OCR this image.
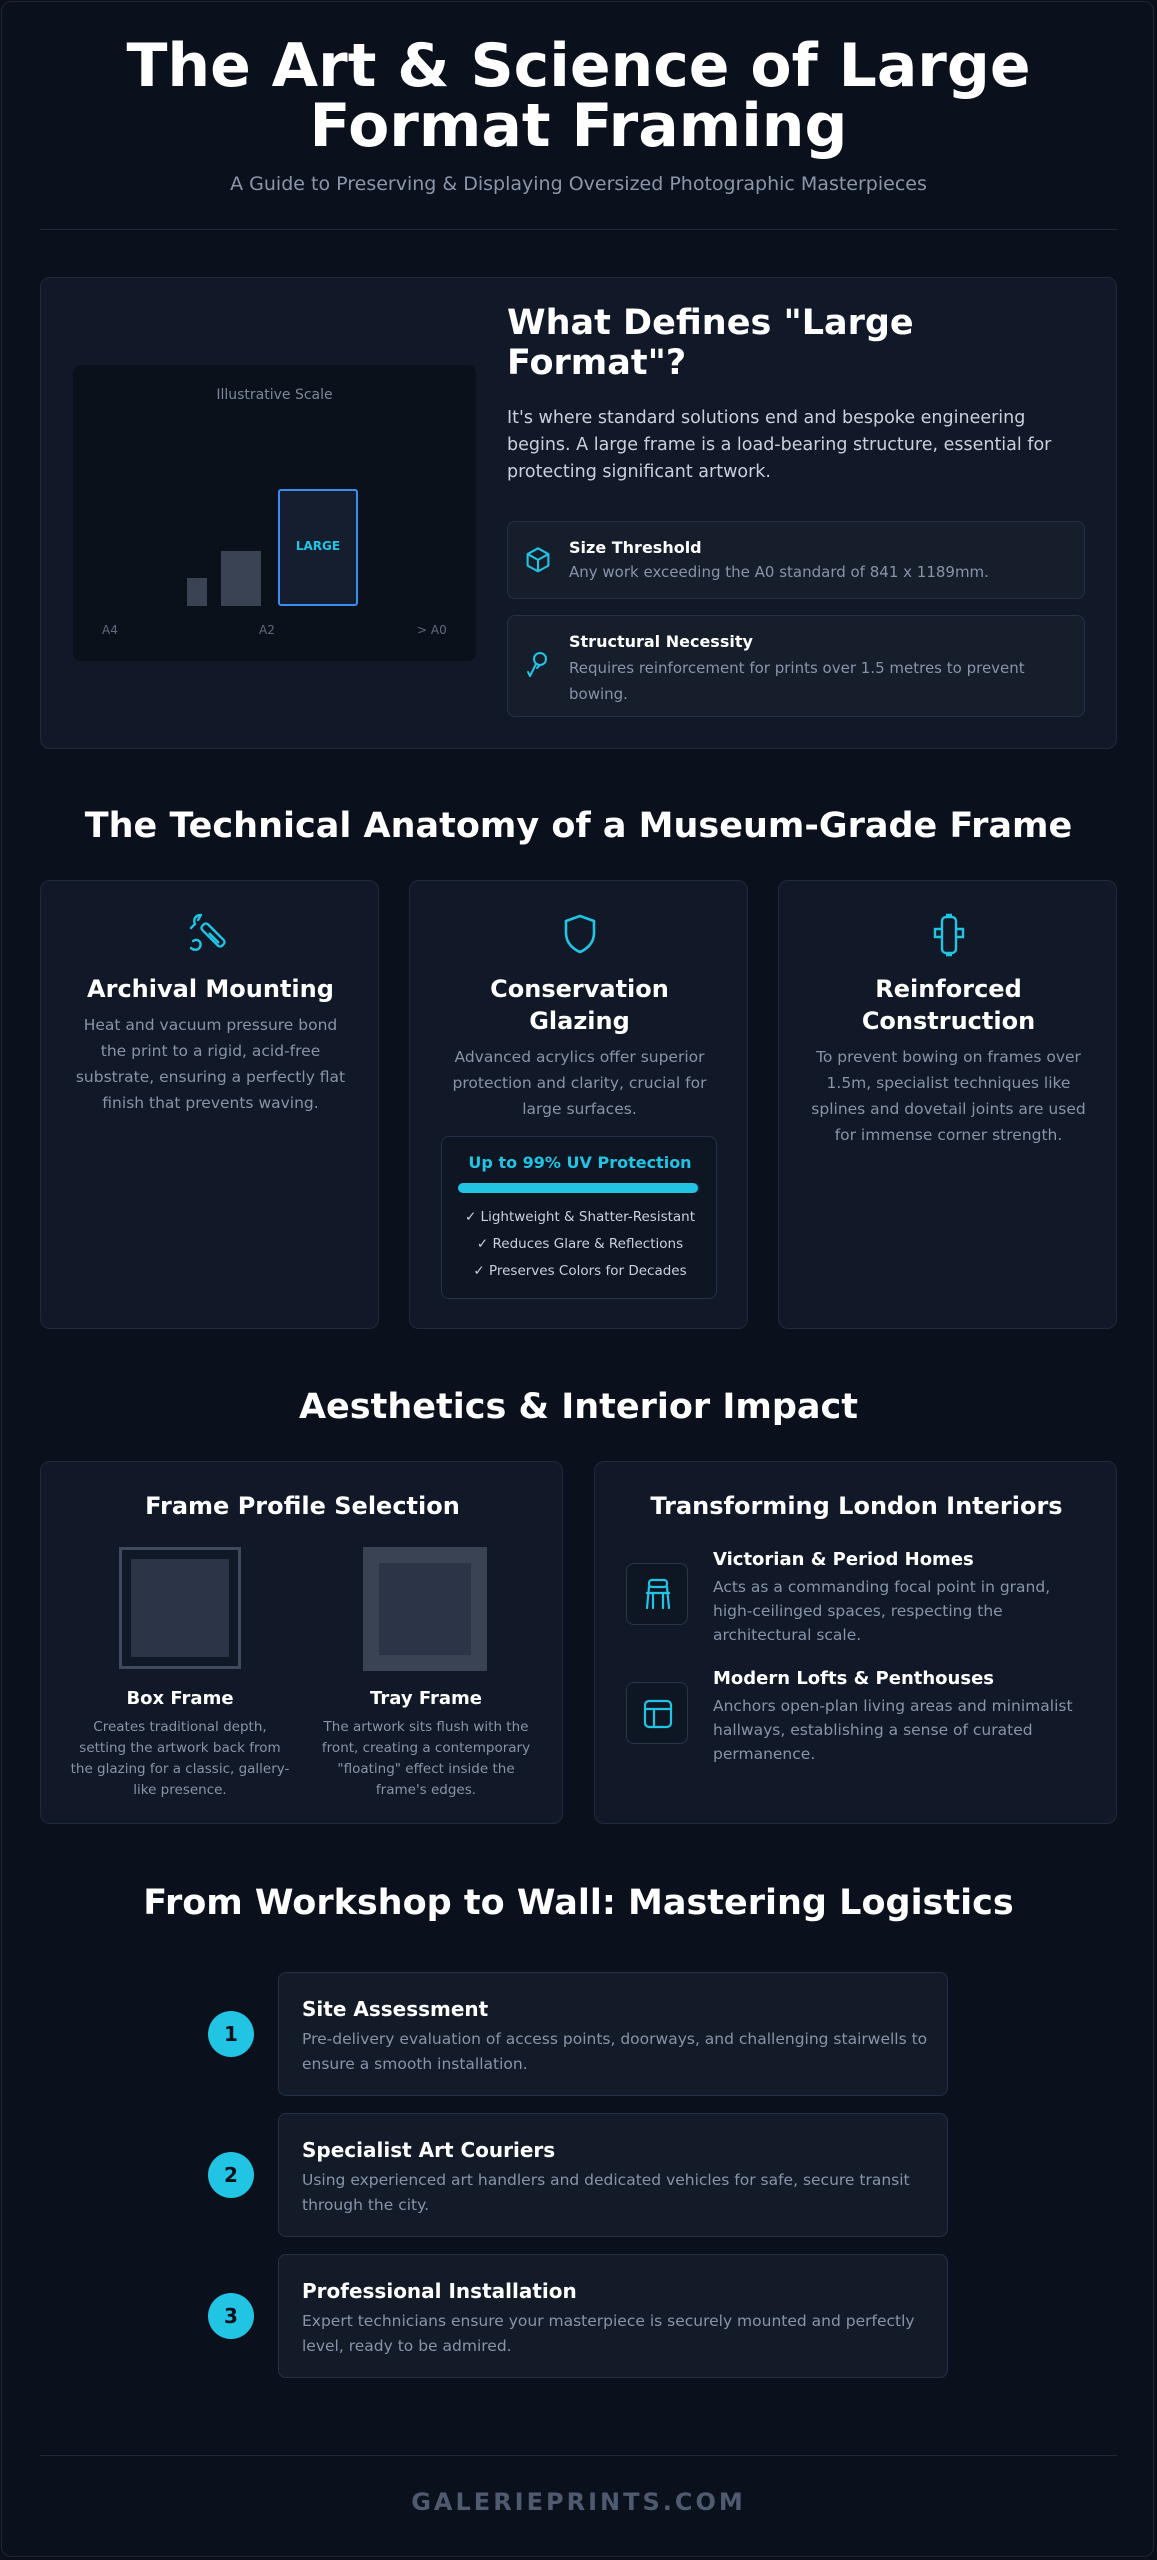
The Art & Science of Large
Format Framing
A Guide to Preserving & Displaying Oversized Photographic Masterpieces
Illustrative Scale
LARGE
A4	A2	> A0
What Defines "Large
Format"?
It's where standard solutions end and bespoke engineering begins. A large frame is a load-bearing structure, essential for protecting significant artwork.
Size Threshold
Any work exceeding the A0 standard of 841 x 1189mm.
Structural Necessity
Requires reinforcement for prints over 1.5 metres to prevent bowing.
The Technical Anatomy of a Museum-Grade Frame
Archival Mounting
Heat and vacuum pressure bond the print to a rigid, acid-free substrate, ensuring a perfectly flat finish that prevents waving.
Conservation Glazing
Advanced acrylics offer superior protection and clarity, crucial for large surfaces.
Up to 99% UV Protection
✓ Lightweight & Shatter-Resistant
✓ Reduces Glare & Reflections
✓ Preserves Colors for Decades
Reinforced Construction
To prevent bowing on frames over 1.5m, specialist techniques like splines and dovetail joints are used for immense corner strength.
Aesthetics & Interior Impact
Frame Profile Selection
Box Frame
Creates traditional depth, setting the artwork back from the glazing for a classic, gallery-like presence.
Tray Frame
The artwork sits flush with the front, creating a contemporary "floating" effect inside the frame's edges.
Transforming London Interiors
Victorian & Period Homes
Acts as a commanding focal point in grand, high-ceilinged spaces, respecting the architectural scale.
Modern Lofts & Penthouses
Anchors open-plan living areas and minimalist hallways, establishing a sense of curated permanence.
From Workshop to Wall: Mastering Logistics
1
Site Assessment
Pre-delivery evaluation of access points, doorways, and challenging stairwells to ensure a smooth installation.
2
Specialist Art Couriers
Using experienced art handlers and dedicated vehicles for safe, secure transit through the city.
3
Professional Installation
Expert technicians ensure your masterpiece is securely mounted and perfectly level, ready to be admired.
GALERIEPRINTS.COM
